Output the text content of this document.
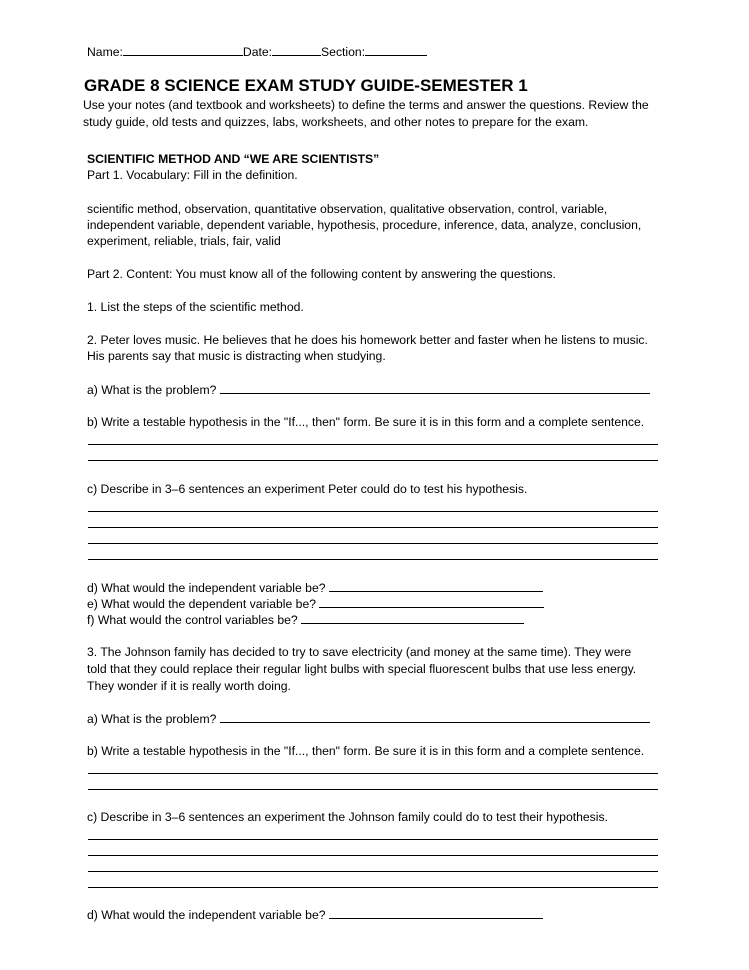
Name:	Date:	Section:
GRADE 8 SCIENCE EXAM STUDY GUIDE-SEMESTER 1
Use your notes (and textbook and worksheets) to define the terms and answer the questions. Review the
study guide, old tests and quizzes, labs, worksheets, and other notes to prepare for the exam.
SCIENTIFIC METHOD AND “WE ARE SCIENTISTS”
Part 1. Vocabulary: Fill in the definition.
scientific method, observation, quantitative observation, qualitative observation, control, variable,
independent variable, dependent variable, hypothesis, procedure, inference, data, analyze, conclusion,
experiment, reliable, trials, fair, valid
Part 2. Content: You must know all of the following content by answering the questions.
1. List the steps of the scientific method.
2. Peter loves music. He believes that he does his homework better and faster when he listens to music.
His parents say that music is distracting when studying.
a) What is the problem?
b) Write a testable hypothesis in the "If..., then" form. Be sure it is in this form and a complete sentence.
c) Describe in 3–6 sentences an experiment Peter could do to test his hypothesis.
d) What would the independent variable be?
e) What would the dependent variable be?
f) What would the control variables be?
3. The Johnson family has decided to try to save electricity (and money at the same time). They were
told that they could replace their regular light bulbs with special fluorescent bulbs that use less energy.
They wonder if it is really worth doing.
a) What is the problem?
b) Write a testable hypothesis in the "If..., then" form. Be sure it is in this form and a complete sentence.
c) Describe in 3–6 sentences an experiment the Johnson family could do to test their hypothesis.
d) What would the independent variable be?
